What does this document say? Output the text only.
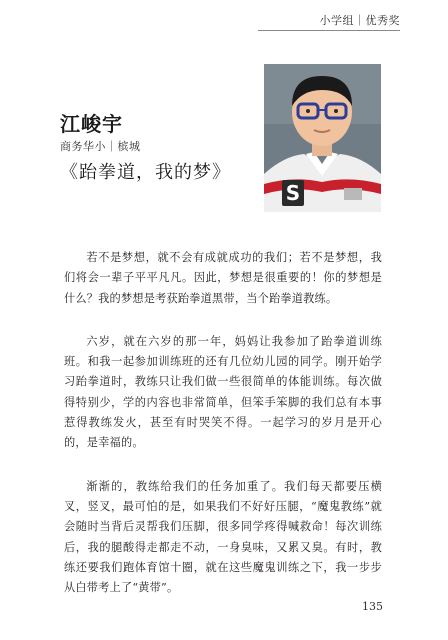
小学组｜优秀奖
江峻宇
商务华小｜槟城
《跆拳道，我的梦》
S

若不是梦想，就不会有成就成功的我们；若不是梦想，我们将会一辈子平平凡凡。因此，梦想是很重要的！你的梦想是什么？我的梦想是考获跆拳道黑带，当个跆拳道教练。

六岁，就在六岁的那一年，妈妈让我参加了跆拳道训练班。和我一起参加训练班的还有几位幼儿园的同学。刚开始学习跆拳道时，教练只让我们做一些很简单的体能训练。每次做得特别少，学的内容也非常简单，但笨手笨脚的我们总有本事惹得教练发火，甚至有时哭笑不得。一起学习的岁月是开心的，是幸福的。

渐渐的，教练给我们的任务加重了。我们每天都要压横叉，竖叉，最可怕的是，如果我们不好好压腿，“魔鬼教练”就会随时当背后灵帮我们压脚，很多同学疼得喊救命！每次训练后，我的腿酸得走都走不动，一身臭味，又累又臭。有时，教练还要我们跑体育馆十圈，就在这些魔鬼训练之下，我一步步从白带考上了“黄带”。

135
